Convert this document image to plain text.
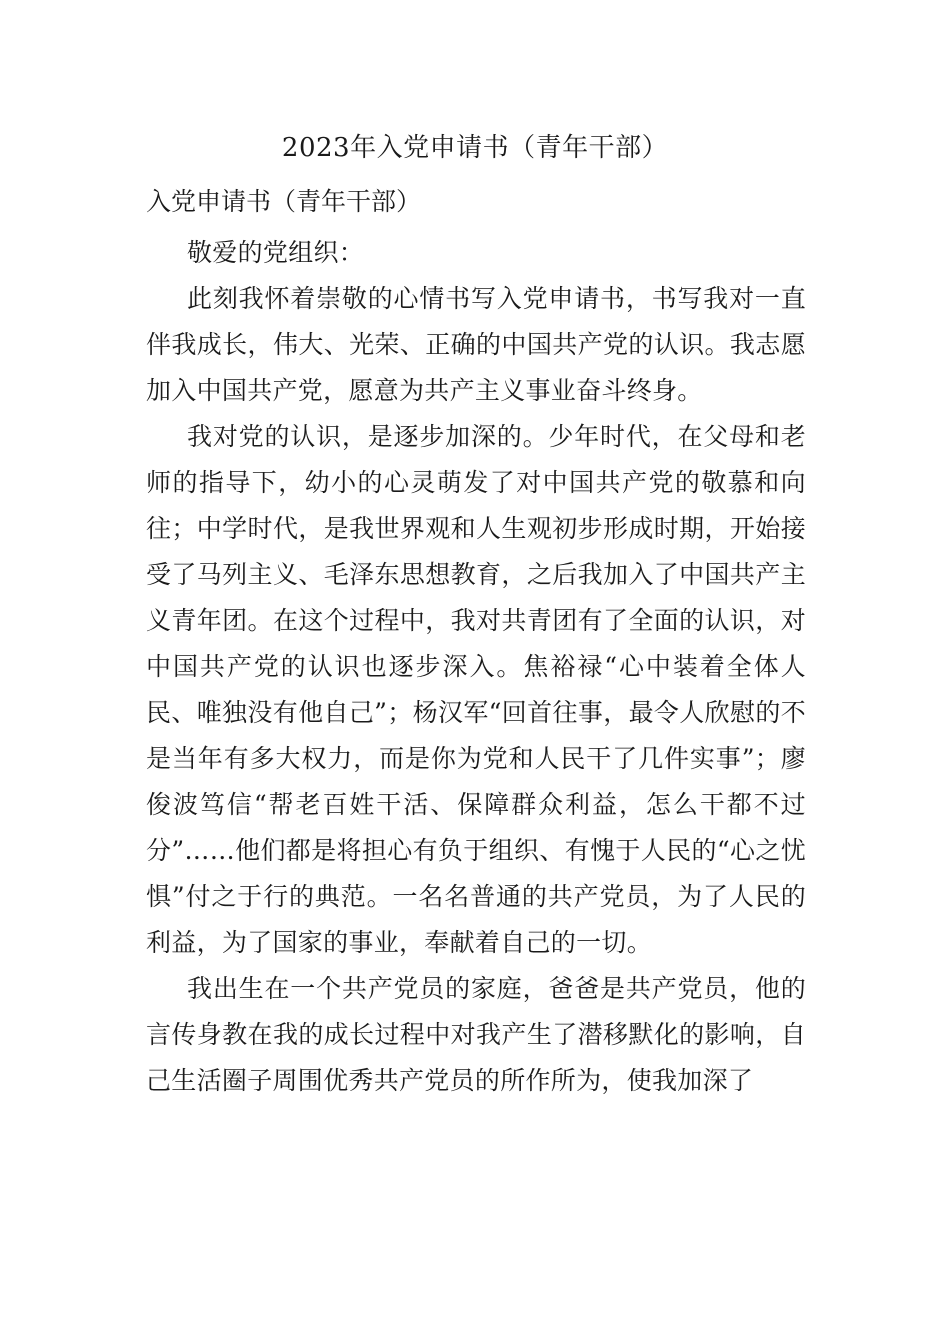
2023年入党申请书（青年干部）
入党申请书（青年干部）

敬爱的党组织：

此刻我怀着崇敬的心情书写入党申请书，书写我对一直伴我成长，伟大、光荣、正确的中国共产党的认识。我志愿加入中国共产党，愿意为共产主义事业奋斗终身。

我对党的认识，是逐步加深的。少年时代，在父母和老师的指导下，幼小的心灵萌发了对中国共产党的敬慕和向往；中学时代，是我世界观和人生观初步形成时期，开始接受了马列主义、毛泽东思想教育，之后我加入了中国共产主义青年团。在这个过程中，我对共青团有了全面的认识，对中国共产党的认识也逐步深入。焦裕禄“心中装着全体人民、唯独没有他自己”；杨汉军“回首往事，最令人欣慰的不是当年有多大权力，而是你为党和人民干了几件实事”；廖俊波笃信“帮老百姓干活、保障群众利益，怎么干都不过分”……他们都是将担心有负于组织、有愧于人民的“心之忧惧”付之于行的典范。一名名普通的共产党员，为了人民的利益，为了国家的事业，奉献着自己的一切。

我出生在一个共产党员的家庭，爸爸是共产党员，他的言传身教在我的成长过程中对我产生了潜移默化的影响，自己生活圈子周围优秀共产党员的所作所为，使我加深了
